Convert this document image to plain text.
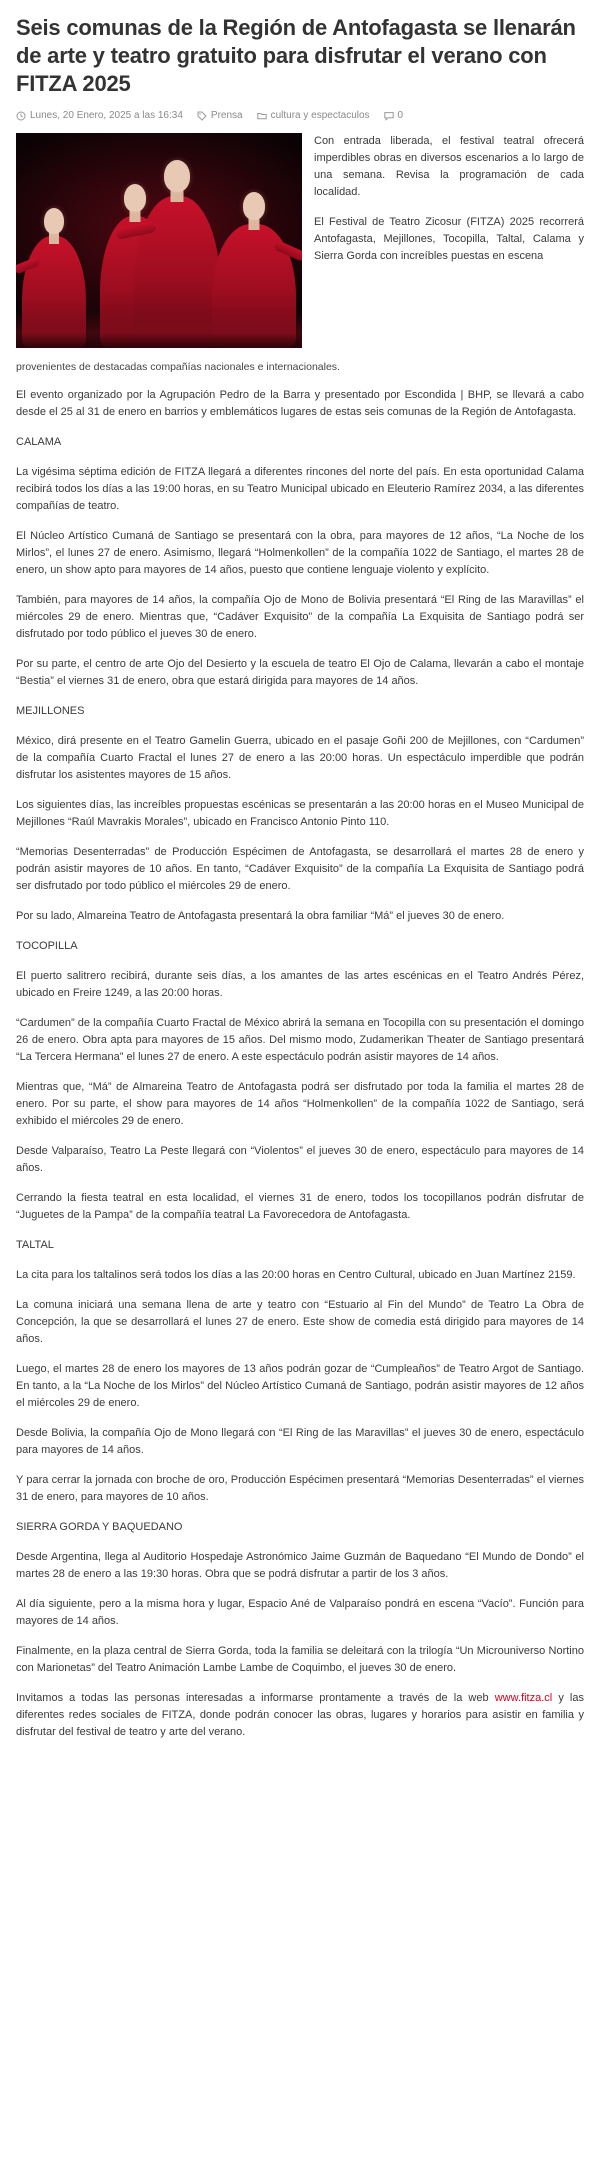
Seis comunas de la Región de Antofagasta se llenarán de arte y teatro gratuito para disfrutar el verano con FITZA 2025
Lunes, 20 Enero, 2025 a las 16:34	Prensa	cultura y espectaculos	0

Con entrada liberada, el festival teatral ofrecerá imperdibles obras en diversos escenarios a lo largo de una semana. Revisa la programación de cada localidad.

El Festival de Teatro Zicosur (FITZA) 2025 recorrerá Antofagasta, Mejillones, Tocopilla, Taltal, Calama y Sierra Gorda con increíbles puestas en escena

provenientes de destacadas compañías nacionales e internacionales.

El evento organizado por la Agrupación Pedro de la Barra y presentado por Escondida | BHP, se llevará a cabo desde el 25 al 31 de enero en barrios y emblemáticos lugares de estas seis comunas de la Región de Antofagasta.

CALAMA

La vigésima séptima edición de FITZA llegará a diferentes rincones del norte del país. En esta oportunidad Calama recibirá todos los días a las 19:00 horas, en su Teatro Municipal ubicado en Eleuterio Ramírez 2034, a las diferentes compañías de teatro.

El Núcleo Artístico Cumaná de Santiago se presentará con la obra, para mayores de 12 años, “La Noche de los Mirlos”, el lunes 27 de enero. Asimismo, llegará “Holmenkollen” de la compañía 1022 de Santiago, el martes 28 de enero, un show apto para mayores de 14 años, puesto que contiene lenguaje violento y explícito.

También, para mayores de 14 años, la compañía Ojo de Mono de Bolivia presentará “El Ring de las Maravillas” el miércoles 29 de enero. Mientras que, “Cadáver Exquisito” de la compañía La Exquisita de Santiago podrá ser disfrutado por todo público el jueves 30 de enero.

Por su parte, el centro de arte Ojo del Desierto y la escuela de teatro El Ojo de Calama, llevarán a cabo el montaje “Bestia” el viernes 31 de enero, obra que estará dirigida para mayores de 14 años.

MEJILLONES

México, dirá presente en el Teatro Gamelin Guerra, ubicado en el pasaje Goñi 200 de Mejillones, con “Cardumen” de la compañía Cuarto Fractal el lunes 27 de enero a las 20:00 horas. Un espectáculo imperdible que podrán disfrutar los asistentes mayores de 15 años.

Los siguientes días, las increíbles propuestas escénicas se presentarán a las 20:00 horas en el Museo Municipal de Mejillones “Raúl Mavrakis Morales”, ubicado en Francisco Antonio Pinto 110.

“Memorias Desenterradas” de Producción Espécimen de Antofagasta, se desarrollará el martes 28 de enero y podrán asistir mayores de 10 años. En tanto, “Cadáver Exquisito” de la compañía La Exquisita de Santiago podrá ser disfrutado por todo público el miércoles 29 de enero.

Por su lado, Almareina Teatro de Antofagasta presentará la obra familiar “Má” el jueves 30 de enero.

TOCOPILLA

El puerto salitrero recibirá, durante seis días, a los amantes de las artes escénicas en el Teatro Andrés Pérez, ubicado en Freire 1249, a las 20:00 horas.

“Cardumen” de la compañía Cuarto Fractal de México abrirá la semana en Tocopilla con su presentación el domingo 26 de enero. Obra apta para mayores de 15 años. Del mismo modo, Zudamerikan Theater de Santiago presentará “La Tercera Hermana” el lunes 27 de enero. A este espectáculo podrán asistir mayores de 14 años.

Mientras que, “Má” de Almareina Teatro de Antofagasta podrá ser disfrutado por toda la familia el martes 28 de enero. Por su parte, el show para mayores de 14 años “Holmenkollen” de la compañía 1022 de Santiago, será exhibido el miércoles 29 de enero.

Desde Valparaíso, Teatro La Peste llegará con “Violentos” el jueves 30 de enero, espectáculo para mayores de 14 años.

Cerrando la fiesta teatral en esta localidad, el viernes 31 de enero, todos los tocopillanos podrán disfrutar de “Juguetes de la Pampa” de la compañía teatral La Favorecedora de Antofagasta.

TALTAL

La cita para los taltalinos será todos los días a las 20:00 horas en Centro Cultural, ubicado en Juan Martínez 2159.

La comuna iniciará una semana llena de arte y teatro con “Estuario al Fin del Mundo” de Teatro La Obra de Concepción, la que se desarrollará el lunes 27 de enero. Este show de comedia está dirigido para mayores de 14 años.

Luego, el martes 28 de enero los mayores de 13 años podrán gozar de “Cumpleaños” de Teatro Argot de Santiago. En tanto, a la “La Noche de los Mirlos” del Núcleo Artístico Cumaná de Santiago, podrán asistir mayores de 12 años el miércoles 29 de enero.

Desde Bolivia, la compañía Ojo de Mono llegará con “El Ring de las Maravillas” el jueves 30 de enero, espectáculo para mayores de 14 años.

Y para cerrar la jornada con broche de oro, Producción Espécimen presentará “Memorias Desenterradas” el viernes 31 de enero, para mayores de 10 años.

SIERRA GORDA Y BAQUEDANO

Desde Argentina, llega al Auditorio Hospedaje Astronómico Jaime Guzmán de Baquedano “El Mundo de Dondo” el martes 28 de enero a las 19:30 horas. Obra que se podrá disfrutar a partir de los 3 años.

Al día siguiente, pero a la misma hora y lugar, Espacio Ané de Valparaíso pondrá en escena “Vacío”. Función para mayores de 14 años.

Finalmente, en la plaza central de Sierra Gorda, toda la familia se deleitará con la trilogía “Un Microuniverso Nortino con Marionetas” del Teatro Animación Lambe Lambe de Coquimbo, el jueves 30 de enero.

Invitamos a todas las personas interesadas a informarse prontamente a través de la web www.fitza.cl y las diferentes redes sociales de FITZA, donde podrán conocer las obras, lugares y horarios para asistir en familia y disfrutar del festival de teatro y arte del verano.
